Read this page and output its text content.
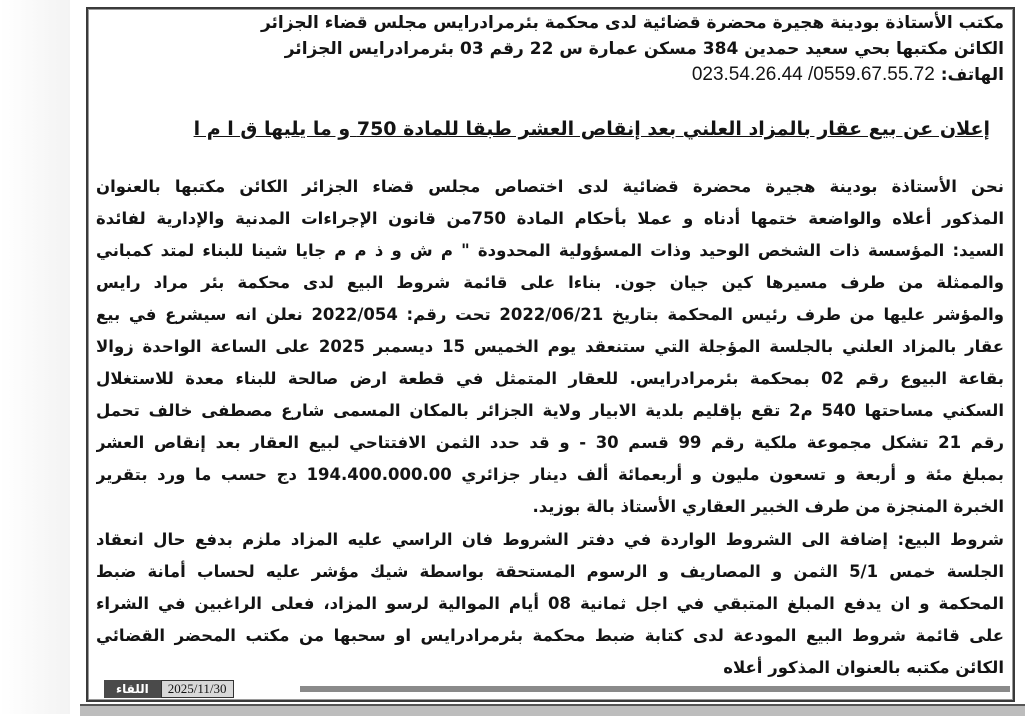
مكتب الأستاذة بودينة هجيرة محضرة قضائية لدى محكمة بئرمرادرايس مجلس قضاء الجزائر
الكائن مكتبها بحي سعيد حمدين 384 مسكن عمارة س 22 رقم 03 بئرمرادرايس الجزائر
الهاتف: 023.54.26.44 /0559.67.55.72
إعلان عن بيع عقار بالمزاد العلني بعد إنقاص العشر طبقا للمادة 750 و ما يليها ق ا م ا
نحن الأستاذة بودينة هجيرة محضرة قضائية لدى اختصاص مجلس قضاء الجزائر الكائن مكتبها بالعنوان
المذكور أعلاه والواضعة ختمها أدناه و عملا بأحكام المادة 750من قانون الإجراءات المدنية والإدارية لفائدة
السيد: المؤسسة ذات الشخص الوحيد وذات المسؤولية المحدودة " م ش و ذ م م جايا شينا للبناء لمتد كمباني
والممثلة من طرف مسيرها كين جيان جون. بناءا على قائمة شروط البيع لدى محكمة بئر مراد رايس
والمؤشر عليها من طرف رئيس المحكمة بتاريخ 2022/06/21 تحت رقم: 2022/054 نعلن انه سيشرع في بيع
عقار بالمزاد العلني بالجلسة المؤجلة التي ستنعقد يوم الخميس 15 ديسمبر 2025 على الساعة الواحدة زوالا
بقاعة البيوع رقم 02 بمحكمة بئرمرادرايس. للعقار المتمثل في قطعة ارض صالحة للبناء معدة للاستغلال
السكني مساحتها 540 م2 تقع بإقليم بلدية الابيار ولاية الجزائر بالمكان المسمى شارع مصطفى خالف تحمل
رقم 21 تشكل مجموعة ملكية رقم 99 قسم 30 - و قد حدد الثمن الافتتاحي لبيع العقار بعد إنقاص العشر
بمبلغ مئة و أربعة و تسعون مليون و أربعمائة ألف دينار جزائري 194.400.000.00 دج حسب ما ورد بتقرير
الخبرة المنجزة من طرف الخبير العقاري الأستاذ بالة بوزيد.
شروط البيع: إضافة الى الشروط الواردة في دفتر الشروط فان الراسي عليه المزاد ملزم بدفع حال انعقاد
الجلسة خمس 5/1 الثمن و المصاريف و الرسوم المستحقة بواسطة شيك مؤشر عليه لحساب أمانة ضبط
المحكمة و ان يدفع المبلغ المتبقي في اجل ثمانية 08 أيام الموالية لرسو المزاد، فعلى الراغبين في الشراء
على قائمة شروط البيع المودعة لدى كتابة ضبط محكمة بئرمرادرايس او سحبها من مكتب المحضر القضائي
الكائن مكتبه بالعنوان المذكور أعلاه
اللقاء	2025/11/30
